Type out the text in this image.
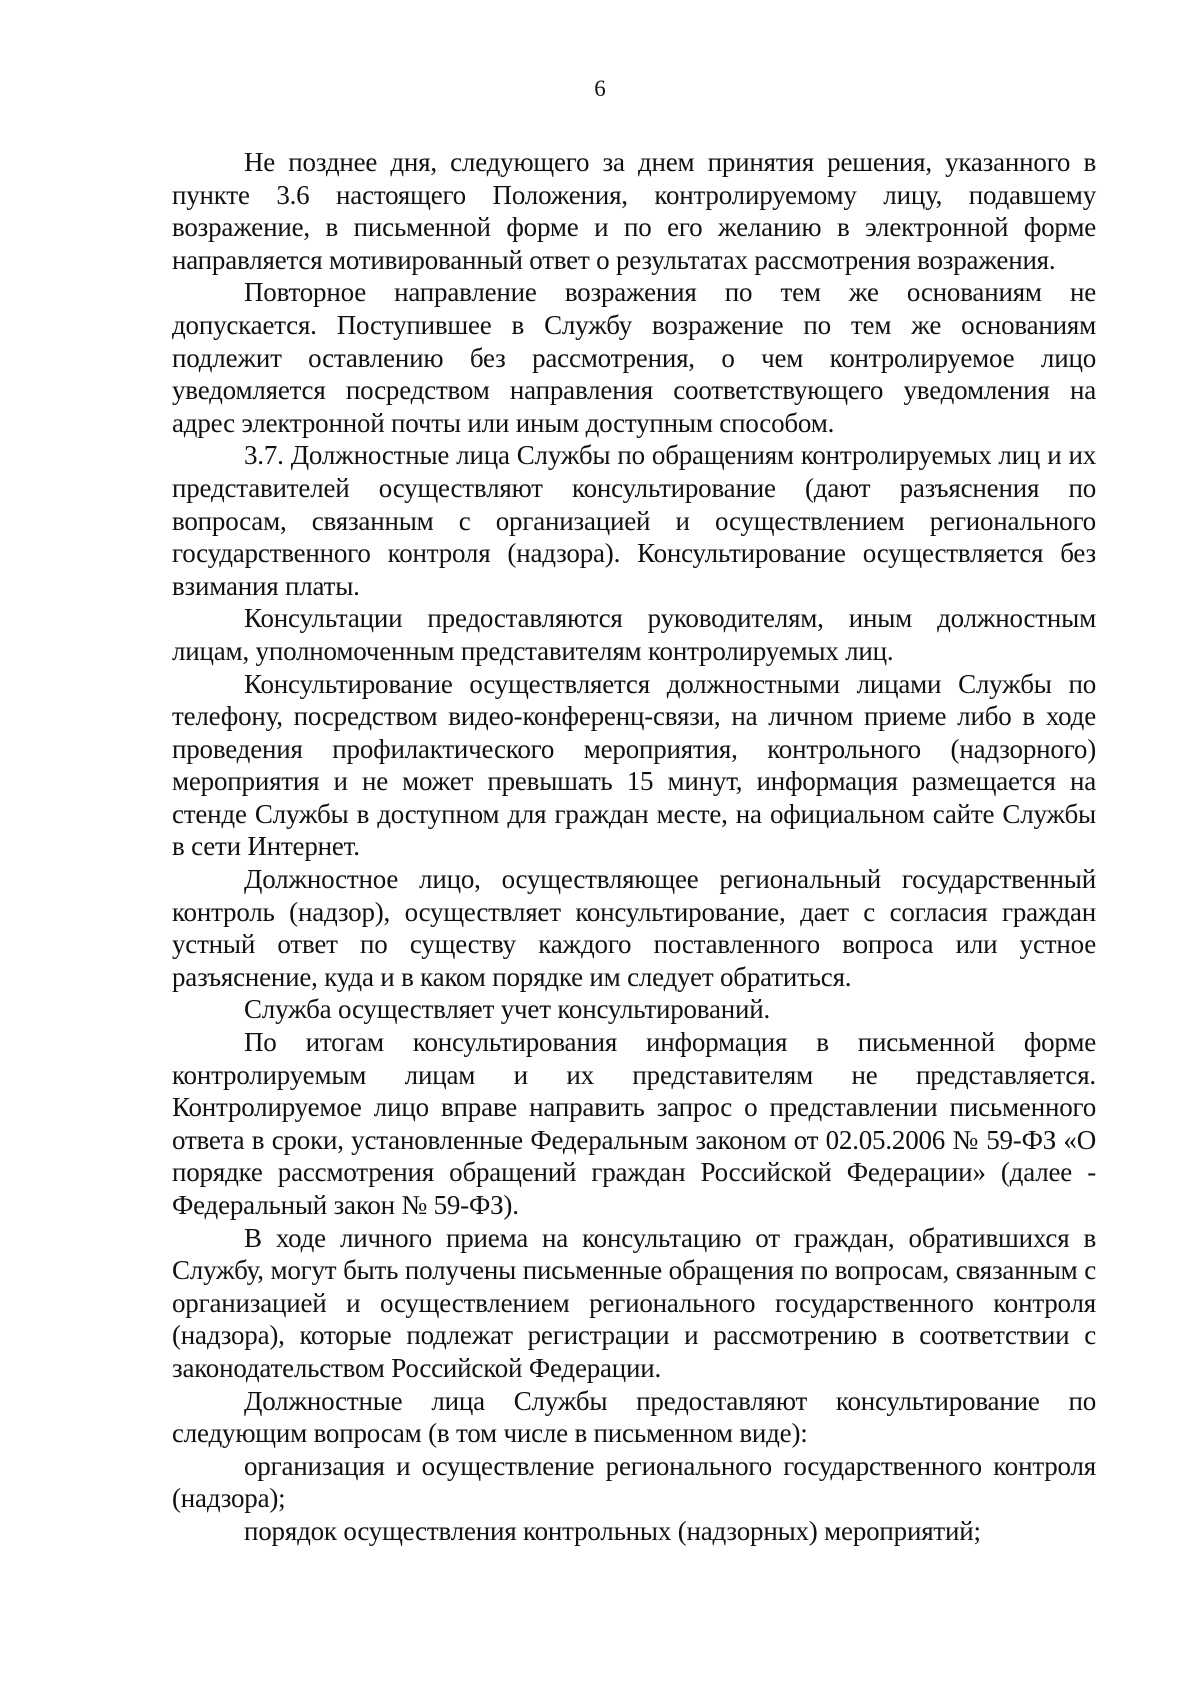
6

Не позднее дня, следующего за днем принятия решения, указанного в пункте 3.6 настоящего Положения, контролируемому лицу, подавшему возражение, в письменной форме и по его желанию в электронной форме направляется мотивированный ответ о результатах рассмотрения возражения.

Повторное направление возражения по тем же основаниям не допускается. Поступившее в Службу возражение по тем же основаниям подлежит оставлению без рассмотрения, о чем контролируемое лицо уведомляется посредством направления соответствующего уведомления на адрес электронной почты или иным доступным способом.

3.7. Должностные лица Службы по обращениям контролируемых лиц и их представителей осуществляют консультирование (дают разъяснения по вопросам, связанным с организацией и осуществлением регионального государственного контроля (надзора). Консультирование осуществляется без взимания платы.

Консультации предоставляются руководителям, иным должностным лицам, уполномоченным представителям контролируемых лиц.

Консультирование осуществляется должностными лицами Службы по телефону, посредством видео-конференц-связи, на личном приеме либо в ходе проведения профилактического мероприятия, контрольного (надзорного) мероприятия и не может превышать 15 минут, информация размещается на стенде Службы в доступном для граждан месте, на официальном сайте Службы в сети Интернет.

Должностное лицо, осуществляющее региональный государственный контроль (надзор), осуществляет консультирование, дает с согласия граждан устный ответ по существу каждого поставленного вопроса или устное разъяснение, куда и в каком порядке им следует обратиться.

Служба осуществляет учет консультирований.

По итогам консультирования информация в письменной форме контролируемым лицам и их представителям не представляется. Контролируемое лицо вправе направить запрос о представлении письменного ответа в сроки, установленные Федеральным законом от 02.05.2006 № 59-ФЗ «О порядке рассмотрения обращений граждан Российской Федерации» (далее - Федеральный закон № 59-ФЗ).

В ходе личного приема на консультацию от граждан, обратившихся в Службу, могут быть получены письменные обращения по вопросам, связанным с организацией и осуществлением регионального государственного контроля (надзора), которые подлежат регистрации и рассмотрению в соответствии с законодательством Российской Федерации.

Должностные лица Службы предоставляют консультирование по следующим вопросам (в том числе в письменном виде):

организация и осуществление регионального государственного контроля (надзора);

порядок осуществления контрольных (надзорных) мероприятий;
